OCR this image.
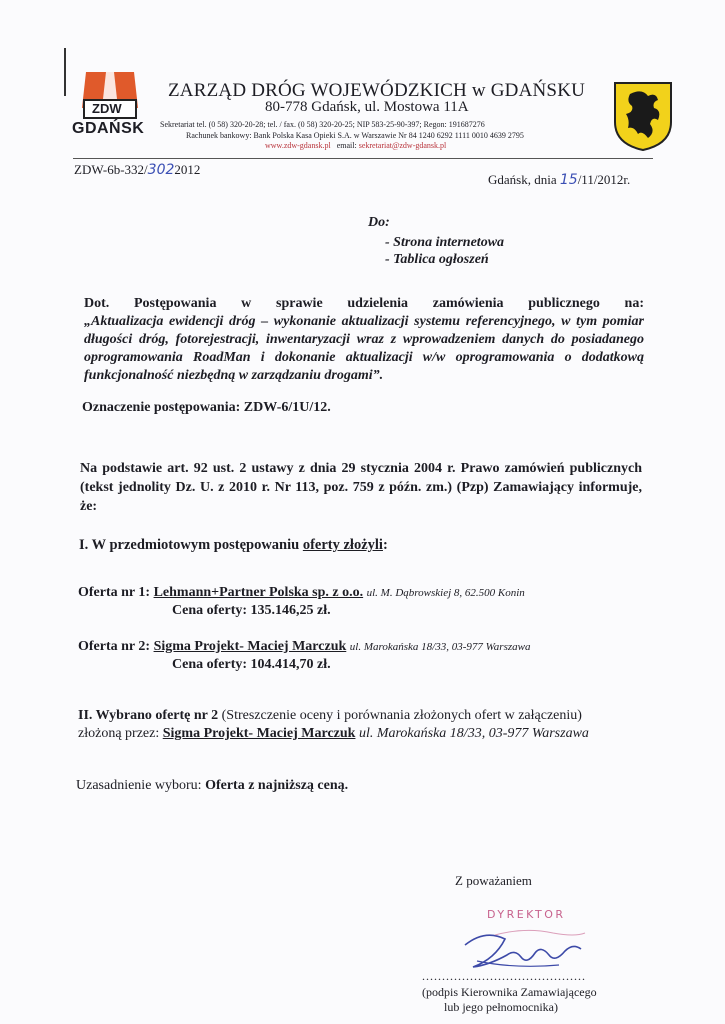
ZDW
GDAŃSK
ZARZĄD DRÓG WOJEWÓDZKICH w GDAŃSKU
80-778 Gdańsk, ul. Mostowa 11A
Sekretariat tel. (0 58) 320-20-28; tel. / fax. (0 58) 320-20-25; NIP 583-25-90-397; Regon: 191687276
Rachunek bankowy: Bank Polska Kasa Opieki S.A. w Warszawie Nr 84 1240 6292 1111 0010 4639 2795
www.zdw-gdansk.pl email: sekretariat@zdw-gdansk.pl
ZDW-6b-332/3022012
Gdańsk, dnia 15/11/2012r.
Do:
- Strona internetowa
- Tablica ogłoszeń
Dot. Postępowania w sprawie udzielenia zamówienia publicznego na:
„Aktualizacja ewidencji dróg – wykonanie aktualizacji systemu referencyjnego, w tym pomiar długości dróg, fotorejestracji, inwentaryzacji wraz z wprowadzeniem danych do posiadanego oprogramowania RoadMan i dokonanie aktualizacji w/w oprogramowania o dodatkową funkcjonalność niezbędną w zarządzaniu drogami”.
Oznaczenie postępowania: ZDW-6/1U/12.
Na podstawie art. 92 ust. 2 ustawy z dnia 29 stycznia 2004 r. Prawo zamówień publicznych (tekst jednolity Dz. U. z 2010 r. Nr 113, poz. 759 z późn. zm.) (Pzp) Zamawiający informuje, że:
I. W przedmiotowym postępowaniu oferty złożyli:
Oferta nr 1: Lehmann+Partner Polska sp. z o.o. ul. M. Dąbrowskiej 8, 62.500 Konin
Cena oferty: 135.146,25 zł.
Oferta nr 2: Sigma Projekt- Maciej Marczuk ul. Marokańska 18/33, 03-977 Warszawa
Cena oferty: 104.414,70 zł.
II. Wybrano ofertę nr 2 (Streszczenie oceny i porównania złożonych ofert w załączeniu)
złożoną przez: Sigma Projekt- Maciej Marczuk ul. Marokańska 18/33, 03-977 Warszawa
Uzasadnienie wyboru: Oferta z najniższą ceną.
Z poważaniem
DYREKTOR
.........................................
(podpis Kierownika Zamawiającego
lub jego pełnomocnika)
